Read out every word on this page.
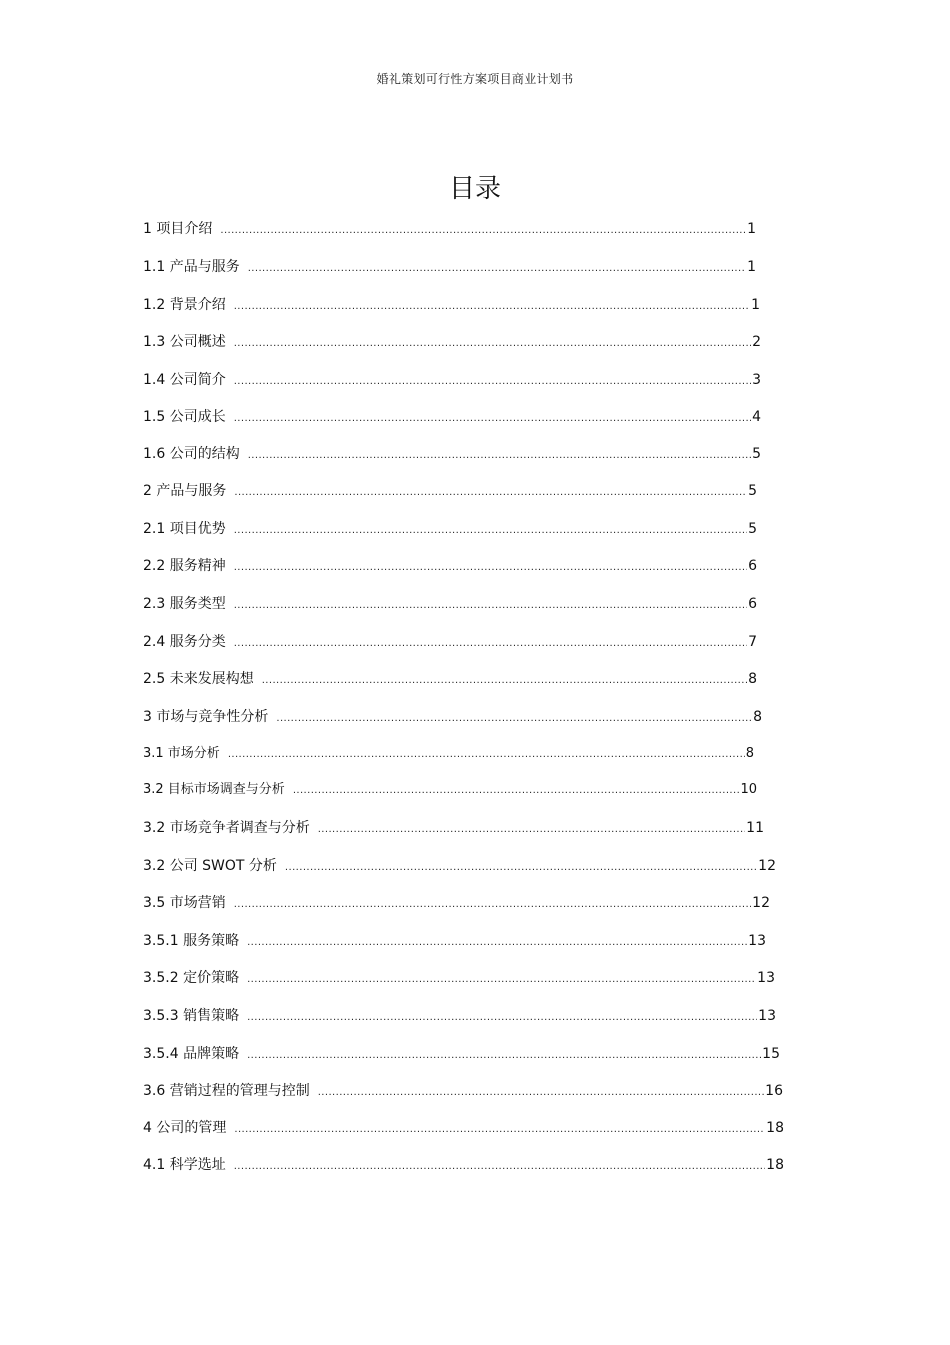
婚礼策划可行性方案项目商业计划书
目录
1 项目介绍 .....	1
1.1 产品与服务 .....	1
1.2 背景介绍 .....	1
1.3 公司概述 .....	2
1.4 公司简介 .....	3
1.5 公司成长 .....	4
1.6 公司的结构 .....	5
2 产品与服务 .....	5
2.1 项目优势 .....	5
2.2 服务精神 .....	6
2.3 服务类型 .....	6
2.4 服务分类 .....	7
2.5 未来发展构想 .....	8
3 市场与竞争性分析 .....	8
3.1 市场分析 .....	8
3.2 目标市场调查与分析 .....	10
3.2 市场竞争者调查与分析 .....	11
3.2 公司 SWOT 分析 .....	12
3.5 市场营销 .....	12
3.5.1 服务策略 .....	13
3.5.2 定价策略 .....	13
3.5.3 销售策略 .....	13
3.5.4 品牌策略 .....	15
3.6 营销过程的管理与控制 .....	16
4 公司的管理 .....	18
4.1 科学选址 .....	18
